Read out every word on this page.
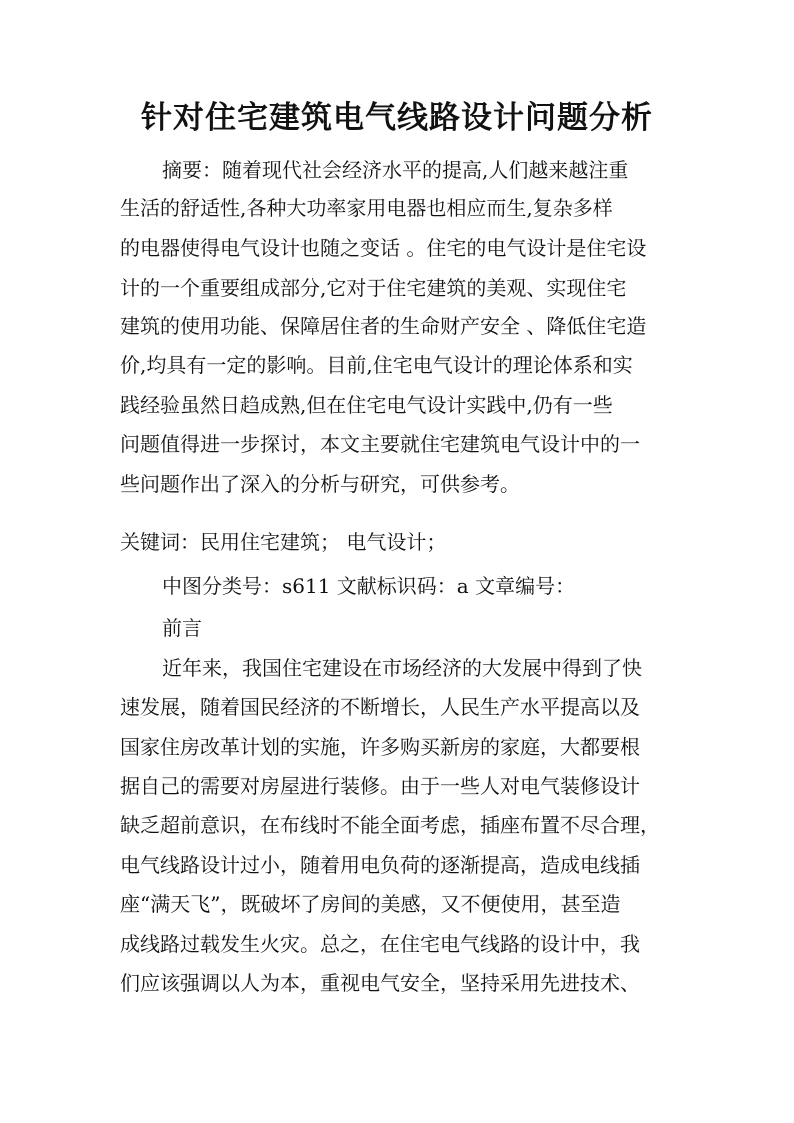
针对住宅建筑电气线路设计问题分析

摘要：随着现代社会经济水平的提高,人们越来越注重

生活的舒适性,各种大功率家用电器也相应而生,复杂多样

的电器使得电气设计也随之变话 。住宅的电气设计是住宅设

计的一个重要组成部分,它对于住宅建筑的美观、实现住宅

建筑的使用功能、保障居住者的生命财产安全 、降低住宅造

价,均具有一定的影响。目前,住宅电气设计的理论体系和实

践经验虽然日趋成熟,但在住宅电气设计实践中,仍有一些

问题值得进一步探讨，本文主要就住宅建筑电气设计中的一

些问题作出了深入的分析与研究，可供参考。

关键词：民用住宅建筑； 电气设计；

中图分类号：s611 文献标识码：a 文章编号：

前言

近年来，我国住宅建设在市场经济的大发展中得到了快

速发展，随着国民经济的不断增长，人民生产水平提高以及

国家住房改革计划的实施，许多购买新房的家庭，大都要根

据自己的需要对房屋进行装修。由于一些人对电气装修设计

缺乏超前意识，在布线时不能全面考虑，插座布置不尽合理，

电气线路设计过小，随着用电负荷的逐渐提高，造成电线插

座“满天飞”，既破坏了房间的美感，又不便使用，甚至造

成线路过载发生火灾。总之，在住宅电气线路的设计中，我

们应该强调以人为本，重视电气安全，坚持采用先进技术、
